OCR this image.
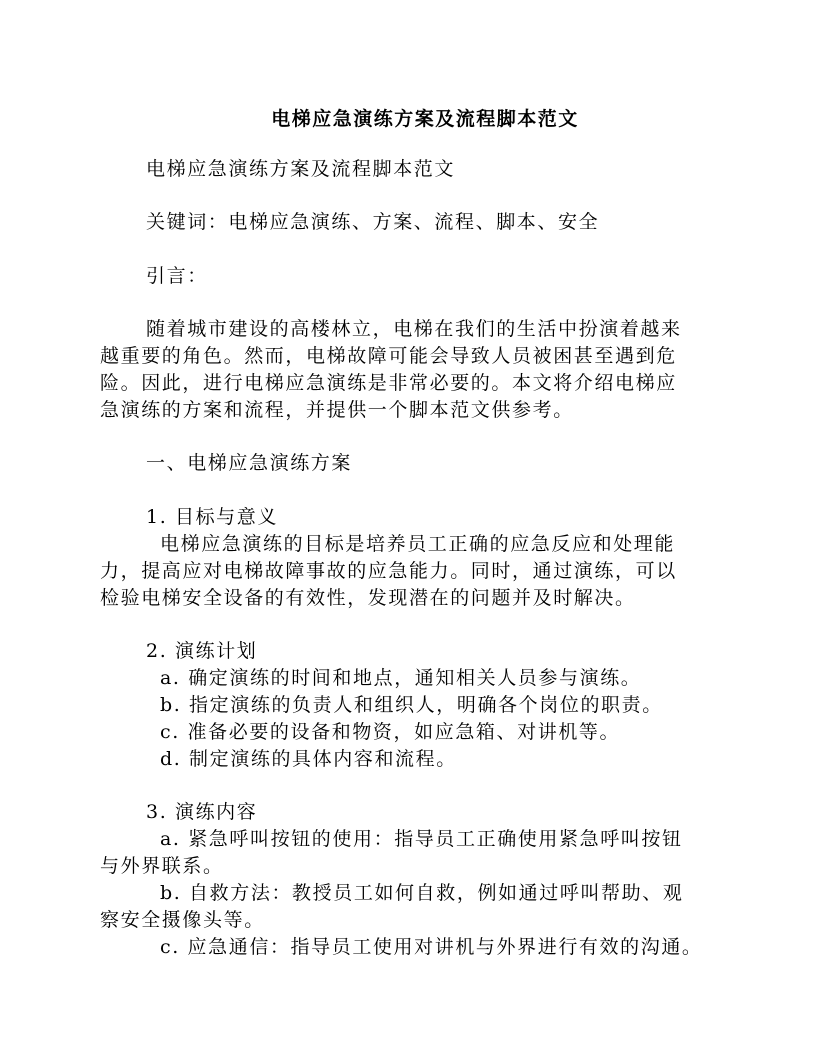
电梯应急演练方案及流程脚本范文
电梯应急演练方案及流程脚本范文
关键词：电梯应急演练、方案、流程、脚本、安全
引言：
随着城市建设的高楼林立，电梯在我们的生活中扮演着越来
越重要的角色。然而，电梯故障可能会导致人员被困甚至遇到危
险。因此，进行电梯应急演练是非常必要的。本文将介绍电梯应
急演练的方案和流程，并提供一个脚本范文供参考。
一、电梯应急演练方案
1. 目标与意义
电梯应急演练的目标是培养员工正确的应急反应和处理能
力，提高应对电梯故障事故的应急能力。同时，通过演练，可以
检验电梯安全设备的有效性，发现潜在的问题并及时解决。
2. 演练计划
a. 确定演练的时间和地点，通知相关人员参与演练。
b. 指定演练的负责人和组织人，明确各个岗位的职责。
c. 准备必要的设备和物资，如应急箱、对讲机等。
d. 制定演练的具体内容和流程。
3. 演练内容
a. 紧急呼叫按钮的使用：指导员工正确使用紧急呼叫按钮
与外界联系。
b. 自救方法：教授员工如何自救，例如通过呼叫帮助、观
察安全摄像头等。
c. 应急通信：指导员工使用对讲机与外界进行有效的沟通。
